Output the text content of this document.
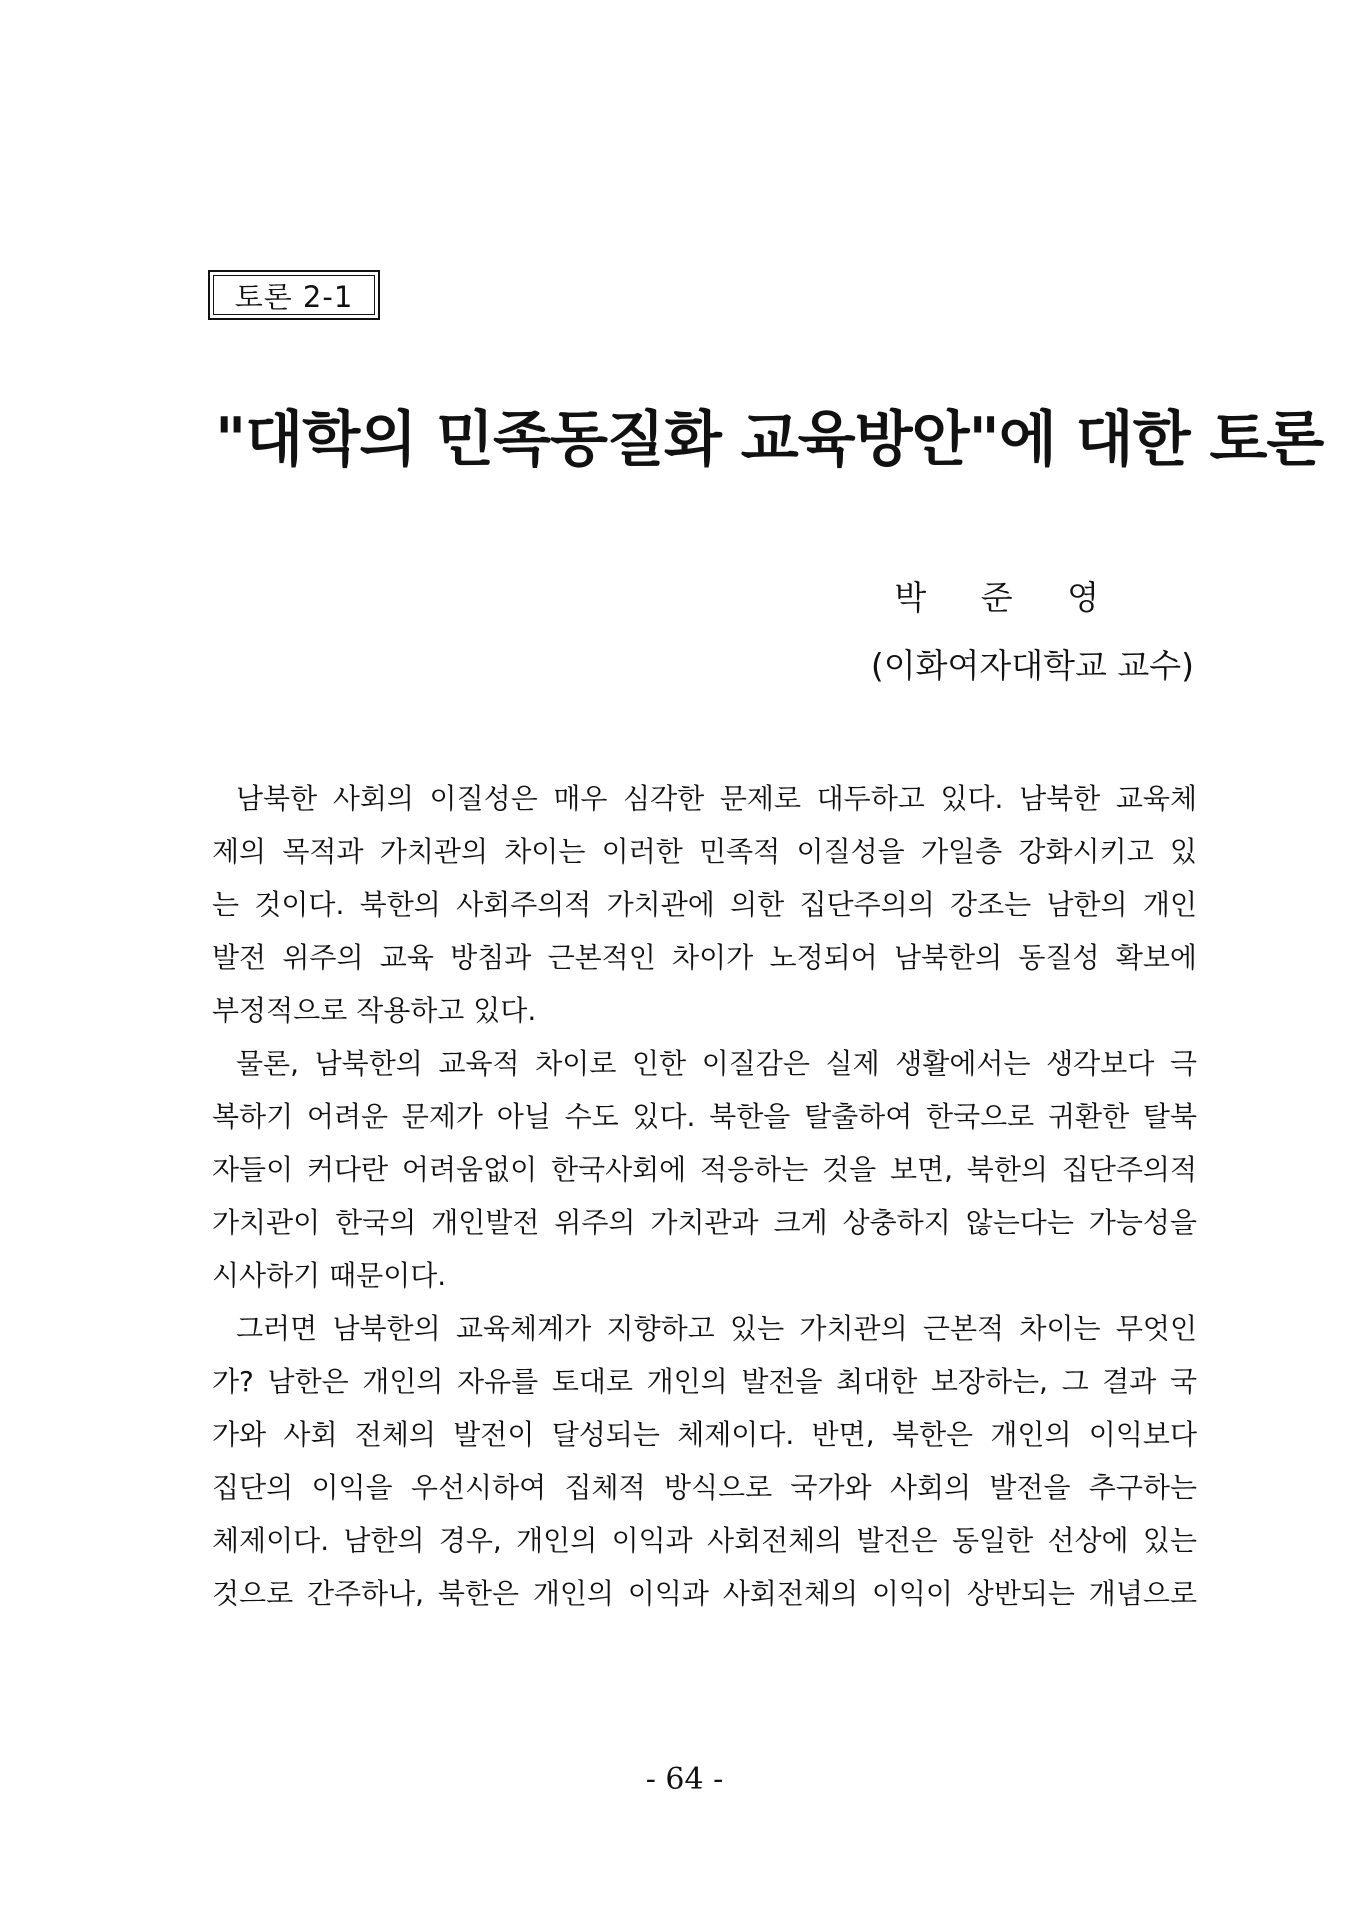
토론 2-1
"대학의 민족동질화 교육방안"에 대한 토론
박 준 영
(이화여자대학교 교수)
남북한 사회의 이질성은 매우 심각한 문제로 대두하고 있다. 남북한 교육체
제의 목적과 가치관의 차이는 이러한 민족적 이질성을 가일층 강화시키고 있
는 것이다. 북한의 사회주의적 가치관에 의한 집단주의의 강조는 남한의 개인
발전 위주의 교육 방침과 근본적인 차이가 노정되어 남북한의 동질성 확보에
부정적으로 작용하고 있다.
물론, 남북한의 교육적 차이로 인한 이질감은 실제 생활에서는 생각보다 극
복하기 어려운 문제가 아닐 수도 있다. 북한을 탈출하여 한국으로 귀환한 탈북
자들이 커다란 어려움없이 한국사회에 적응하는 것을 보면, 북한의 집단주의적
가치관이 한국의 개인발전 위주의 가치관과 크게 상충하지 않는다는 가능성을
시사하기 때문이다.
그러면 남북한의 교육체계가 지향하고 있는 가치관의 근본적 차이는 무엇인
가? 남한은 개인의 자유를 토대로 개인의 발전을 최대한 보장하는, 그 결과 국
가와 사회 전체의 발전이 달성되는 체제이다. 반면, 북한은 개인의 이익보다
집단의 이익을 우선시하여 집체적 방식으로 국가와 사회의 발전을 추구하는
체제이다. 남한의 경우, 개인의 이익과 사회전체의 발전은 동일한 선상에 있는
것으로 간주하나, 북한은 개인의 이익과 사회전체의 이익이 상반되는 개념으로
- 64 -
